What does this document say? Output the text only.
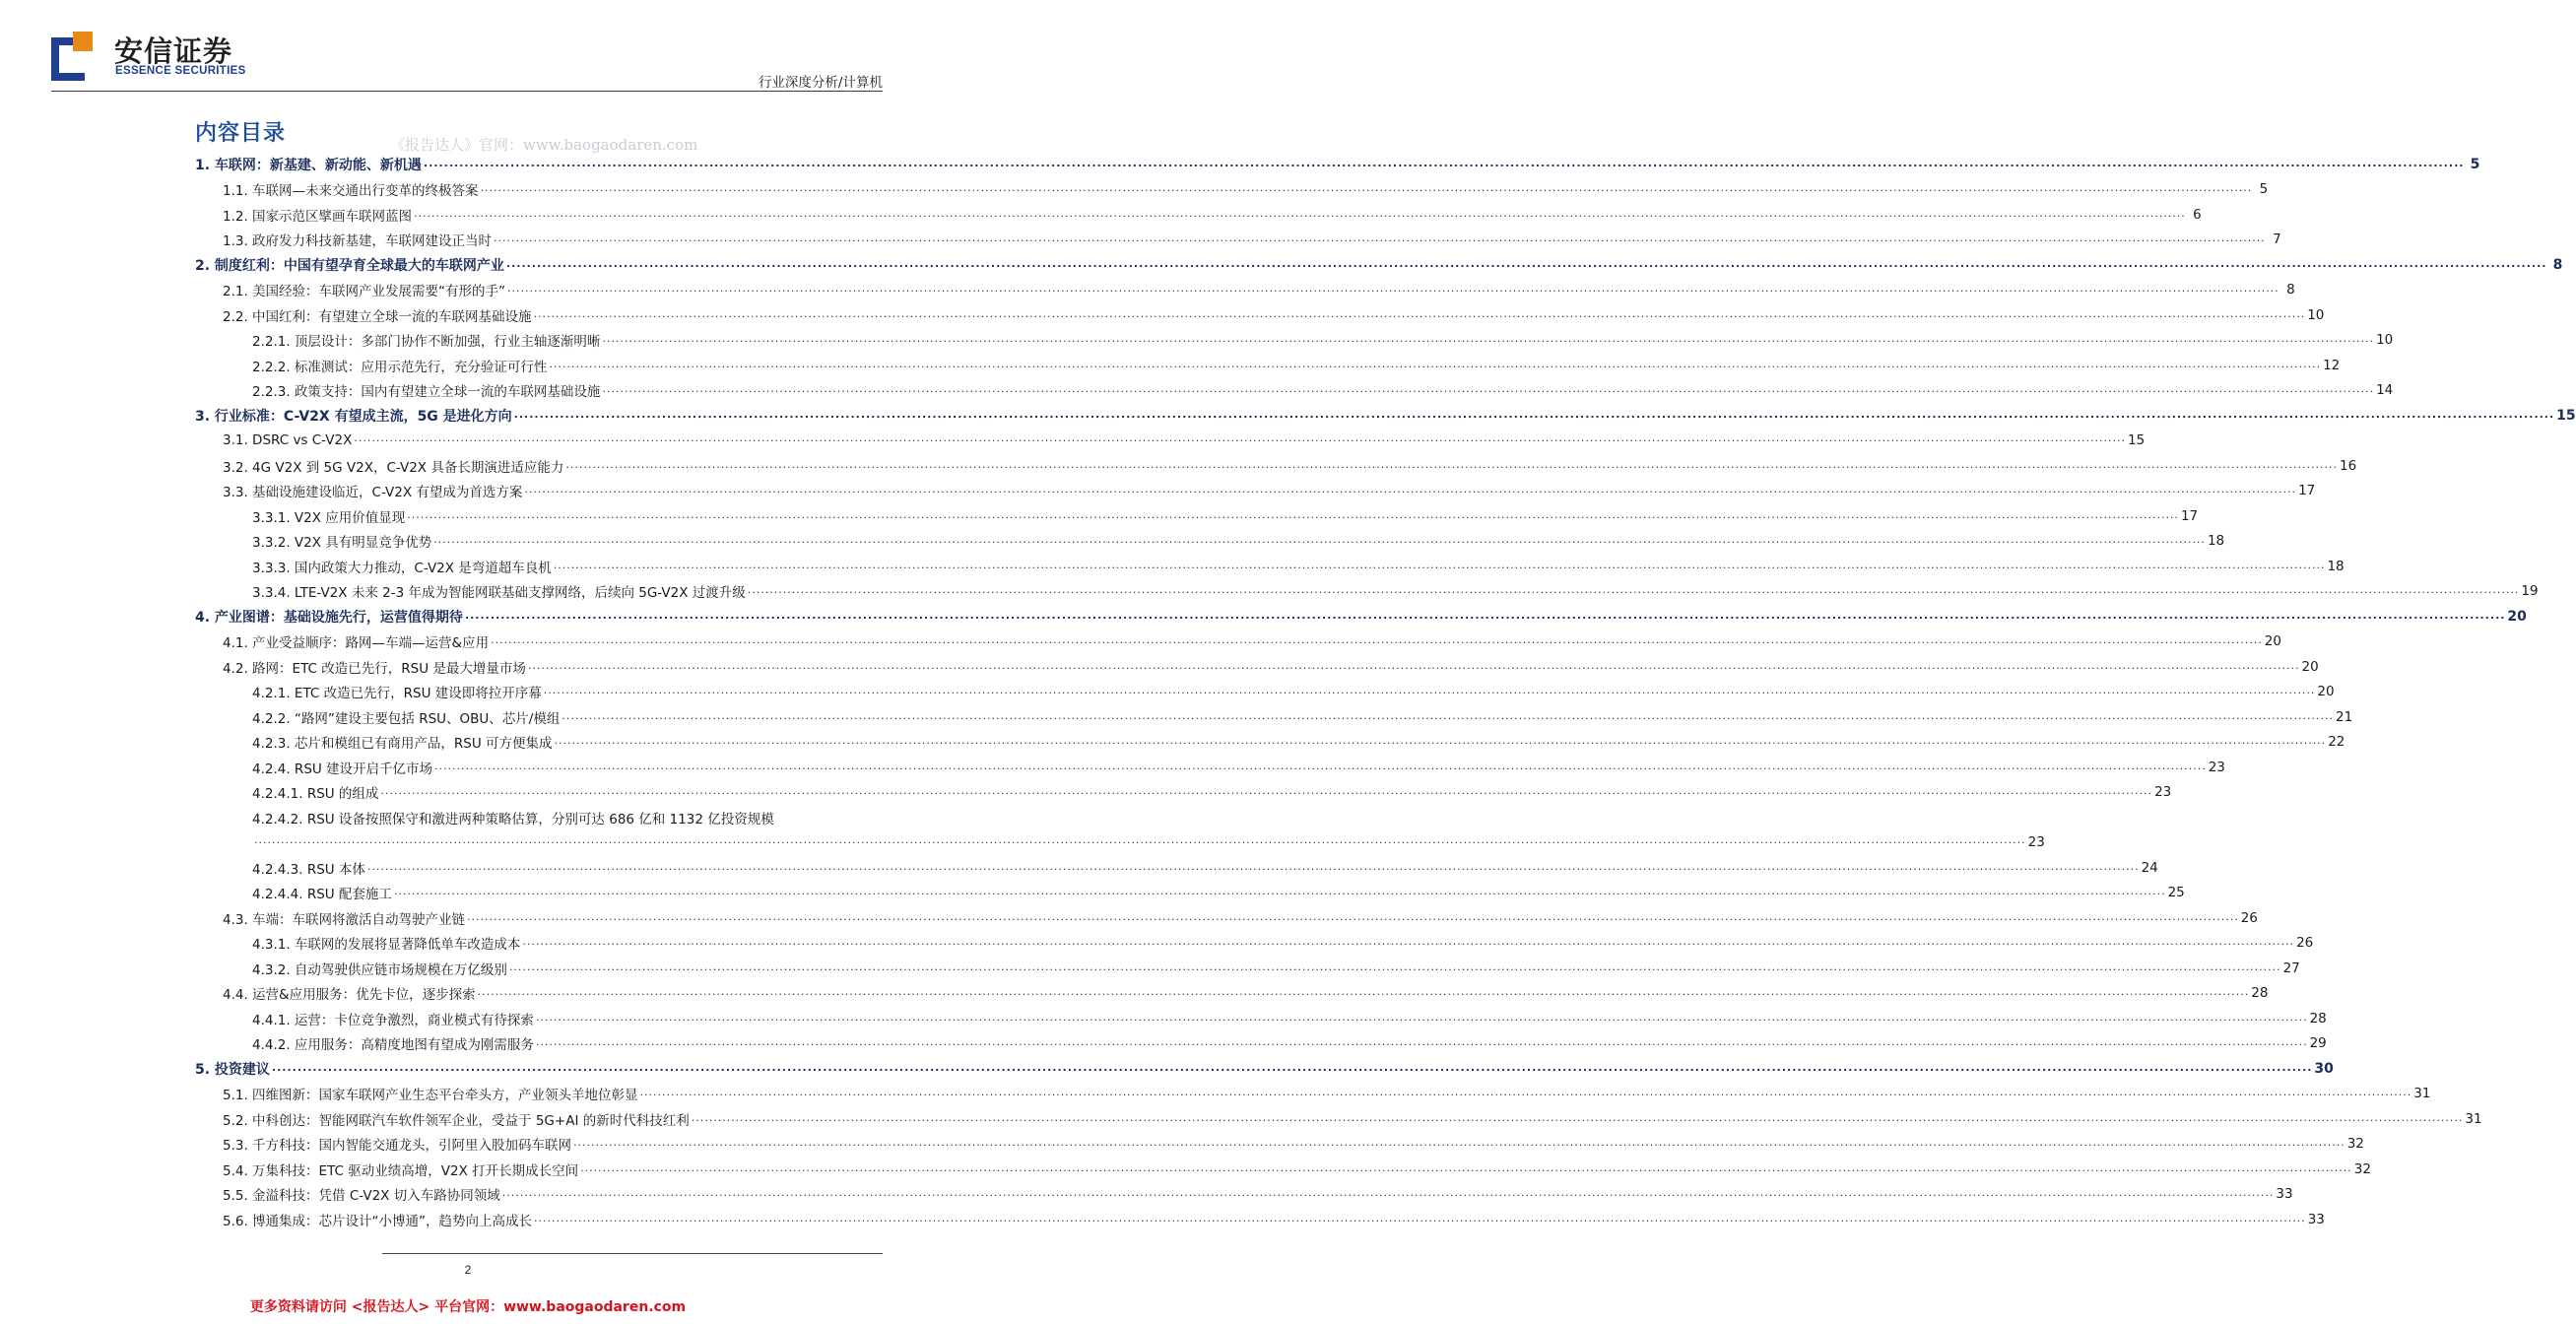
安信证券
ESSENCE SECURITIES
行业深度分析/计算机
内容目录	《报告达人》官网：www.baogaodaren.com
1. 车联网：新基建、新动能、新机遇 ................................................................................................................................................................................................................................................................................................................................................................................................................ 5
1.1. 车联网—未来交通出行变革的终极答案 ................................................................................................................................................................................................................................................................................................................................................................................................................ 5
1.2. 国家示范区擘画车联网蓝图 ................................................................................................................................................................................................................................................................................................................................................................................................................ 6
1.3. 政府发力科技新基建，车联网建设正当时 ................................................................................................................................................................................................................................................................................................................................................................................................................ 7
2. 制度红利：中国有望孕育全球最大的车联网产业 ................................................................................................................................................................................................................................................................................................................................................................................................................ 8
2.1. 美国经验：车联网产业发展需要“有形的手” ................................................................................................................................................................................................................................................................................................................................................................................................................ 8
2.2. 中国红利：有望建立全球一流的车联网基础设施 ................................................................................................................................................................................................................................................................................................................................................................................................................ 10
2.2.1. 顶层设计：多部门协作不断加强，行业主轴逐渐明晰 ................................................................................................................................................................................................................................................................................................................................................................................................................ 10
2.2.2. 标准测试：应用示范先行，充分验证可行性 ................................................................................................................................................................................................................................................................................................................................................................................................................ 12
2.2.3. 政策支持：国内有望建立全球一流的车联网基础设施 ................................................................................................................................................................................................................................................................................................................................................................................................................ 14
3. 行业标准：C-V2X 有望成主流，5G 是进化方向 ................................................................................................................................................................................................................................................................................................................................................................................................................ 15
3.1. DSRC vs C-V2X ................................................................................................................................................................................................................................................................................................................................................................................................................ 15
3.2. 4G V2X 到 5G V2X，C-V2X 具备长期演进适应能力 ................................................................................................................................................................................................................................................................................................................................................................................................................ 16
3.3. 基础设施建设临近，C-V2X 有望成为首选方案 ................................................................................................................................................................................................................................................................................................................................................................................................................ 17
3.3.1. V2X 应用价值显现 ................................................................................................................................................................................................................................................................................................................................................................................................................ 17
3.3.2. V2X 具有明显竞争优势 ................................................................................................................................................................................................................................................................................................................................................................................................................ 18
3.3.3. 国内政策大力推动，C-V2X 是弯道超车良机 ................................................................................................................................................................................................................................................................................................................................................................................................................ 18
3.3.4. LTE-V2X 未来 2-3 年成为智能网联基础支撑网络，后续向 5G-V2X 过渡升级 ................................................................................................................................................................................................................................................................................................................................................................................................................ 19
4. 产业图谱：基础设施先行，运营值得期待 ................................................................................................................................................................................................................................................................................................................................................................................................................ 20
4.1. 产业受益顺序：路网—车端—运营&应用 ................................................................................................................................................................................................................................................................................................................................................................................................................ 20
4.2. 路网：ETC 改造已先行，RSU 是最大增量市场 ................................................................................................................................................................................................................................................................................................................................................................................................................ 20
4.2.1. ETC 改造已先行，RSU 建设即将拉开序幕 ................................................................................................................................................................................................................................................................................................................................................................................................................ 20
4.2.2. “路网”建设主要包括 RSU、OBU、芯片/模组 ................................................................................................................................................................................................................................................................................................................................................................................................................ 21
4.2.3. 芯片和模组已有商用产品，RSU 可方便集成 ................................................................................................................................................................................................................................................................................................................................................................................................................ 22
4.2.4. RSU 建设开启千亿市场 ................................................................................................................................................................................................................................................................................................................................................................................................................ 23
4.2.4.1. RSU 的组成 ................................................................................................................................................................................................................................................................................................................................................................................................................ 23
4.2.4.2. RSU 设备按照保守和激进两种策略估算，分别可达 686 亿和 1132 亿投资规模
................................................................................................................................................................................................................................................................................................................................................................................................................ 23
4.2.4.3. RSU 本体 ................................................................................................................................................................................................................................................................................................................................................................................................................ 24
4.2.4.4. RSU 配套施工 ................................................................................................................................................................................................................................................................................................................................................................................................................ 25
4.3. 车端：车联网将激活自动驾驶产业链 ................................................................................................................................................................................................................................................................................................................................................................................................................ 26
4.3.1. 车联网的发展将显著降低单车改造成本 ................................................................................................................................................................................................................................................................................................................................................................................................................ 26
4.3.2. 自动驾驶供应链市场规模在万亿级别 ................................................................................................................................................................................................................................................................................................................................................................................................................ 27
4.4. 运营&应用服务：优先卡位，逐步探索 ................................................................................................................................................................................................................................................................................................................................................................................................................ 28
4.4.1. 运营：卡位竞争激烈，商业模式有待探索 ................................................................................................................................................................................................................................................................................................................................................................................................................ 28
4.4.2. 应用服务：高精度地图有望成为刚需服务 ................................................................................................................................................................................................................................................................................................................................................................................................................ 29
5. 投资建议 ................................................................................................................................................................................................................................................................................................................................................................................................................ 30
5.1. 四维图新：国家车联网产业生态平台牵头方，产业领头羊地位彰显 ................................................................................................................................................................................................................................................................................................................................................................................................................ 31
5.2. 中科创达：智能网联汽车软件领军企业，受益于 5G+AI 的新时代科技红利 ................................................................................................................................................................................................................................................................................................................................................................................................................ 31
5.3. 千方科技：国内智能交通龙头，引阿里入股加码车联网 ................................................................................................................................................................................................................................................................................................................................................................................................................ 32
5.4. 万集科技：ETC 驱动业绩高增，V2X 打开长期成长空间 ................................................................................................................................................................................................................................................................................................................................................................................................................ 32
5.5. 金溢科技：凭借 C-V2X 切入车路协同领域 ................................................................................................................................................................................................................................................................................................................................................................................................................ 33
5.6. 博通集成：芯片设计“小博通”，趋势向上高成长 ................................................................................................................................................................................................................................................................................................................................................................................................................ 33
2
更多资料请访问 <报告达人> 平台官网：www.baogaodaren.com
